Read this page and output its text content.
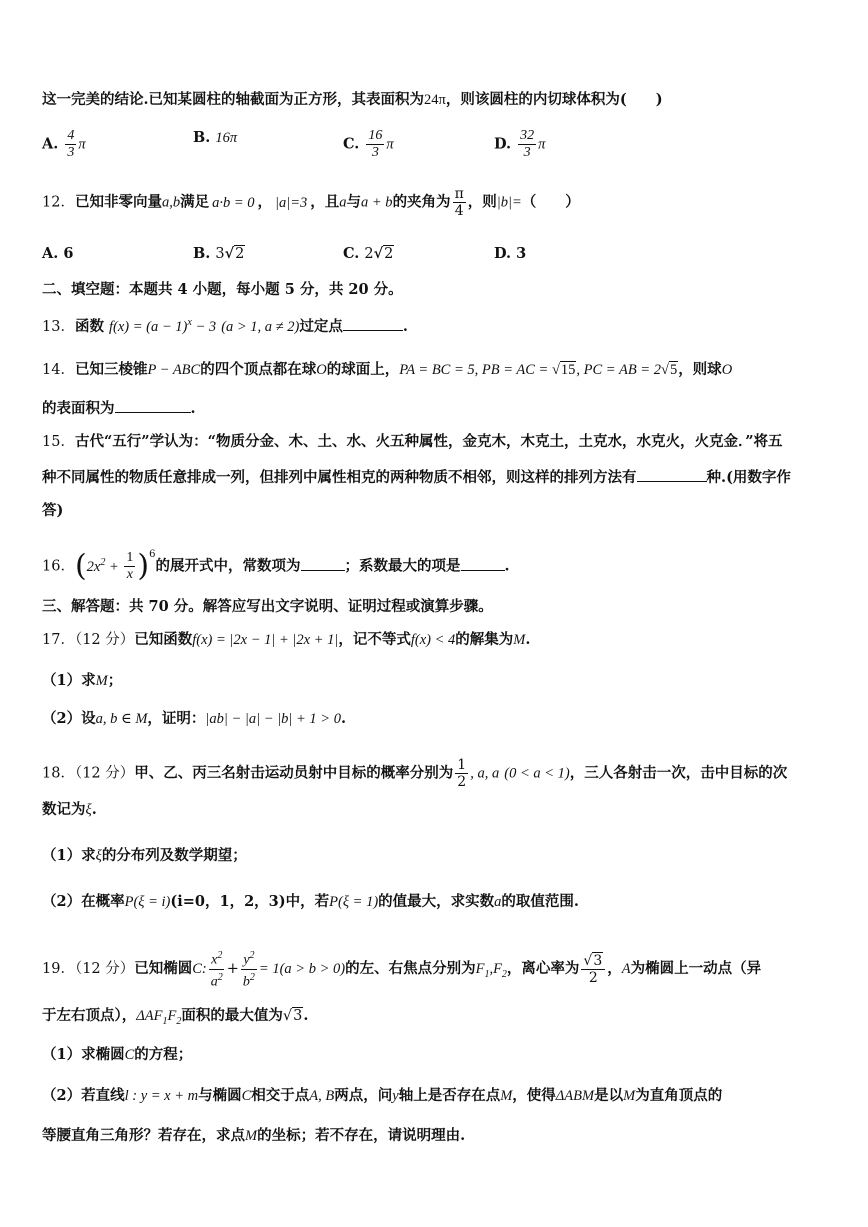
这一完美的结论.已知某圆柱的轴截面为正方形，其表面积为24π，则该圆柱的内切球体积为(　　)
A. $\frac{4}{3}$ π	B. 16π	C. $\frac{16}{3}$ π	D. $\frac{32}{3}$ π
12．已知非零向量a,b满足 a·b = 0 ， |a|=3 ，且a与a + b的夹角为 $\frac{\pi}{4}$ ，则|b|=（　　）
A. 6	B. 3√2	C. 2√2	D. 3
二、填空题：本题共 4 小题，每小题 5 分，共 20 分。
13．函数 $f(x) = (a - 1)^x - 3$ (a > 1, a ≠ 2)过定点	.
14．已知三棱锥P − ABC的四个顶点都在球O的球面上，PA = BC = 5, PB = AC = √15, PC = AB = 2√5，则球O
的表面积为	.
15．古代“五行”学认为：“物质分金、木、土、水、火五种属性，金克木，木克土，土克水，水克火，火克金．”将五
种不同属性的物质任意排成一列，但排列中属性相克的两种物质不相邻，则这样的排列方法有	种.(用数字作
答)
16．$(2x^2 + \frac{1}{x} )^6$的展开式中，常数项为	；系数最大的项是	.
三、解答题：共 70 分。解答应写出文字说明、证明过程或演算步骤。
17．（12 分）已知函数f(x) = |2x − 1| + |2x + 1|，记不等式f(x) < 4的解集为M.
（1）求M；
（2）设a, b ∈ M，证明：|ab| − |a| − |b| + 1 > 0.
18．（12 分）甲、乙、丙三名射击运动员射中目标的概率分别为 $\frac{1}{2}$ , a, a (0 < a < 1)，三人各射击一次，击中目标的次
数记为ξ.
（1）求ξ的分布列及数学期望；
（2）在概率P(ξ = i)(i=0，1，2，3)中，若P(ξ = 1)的值最大，求实数a的取值范围.
19．（12 分）已知椭圆C: $\frac{x^2}{a^2} + \frac{y^2}{b^2} = 1(a > b > 0)$的左、右焦点分别为$F_1,F_2$，离心率为 $\frac{√3}{2}$ ，A为椭圆上一动点（异
于左右顶点），$\Delta AF_1F_2$面积的最大值为√3.
（1）求椭圆C的方程；
（2）若直线l : y = x + m与椭圆C相交于点A, B两点，问y轴上是否存在点M，使得ΔABM是以M为直角顶点的
等腰直角三角形？若存在，求点M的坐标；若不存在，请说明理由.
